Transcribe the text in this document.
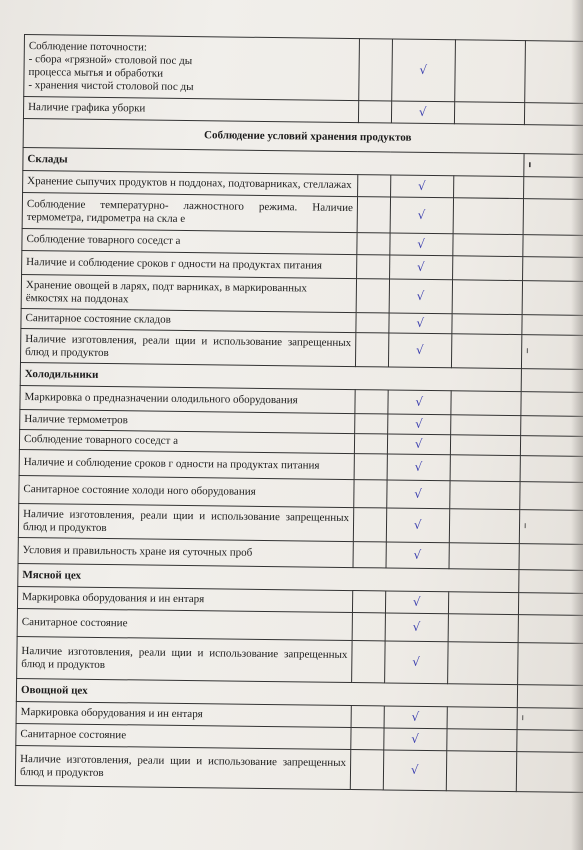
Соблюдение поточности:
- сбора «грязной» столовой пос ды
процесса мытья и обработки
- хранения чистой столовой пос ды		√		
Наличие графика уборки		√		
Соблюдение условий хранения продуктов				
Склады				ı
Хранение сыпучих продуктов н поддонах, подтоварниках, стеллажах		√		
Соблюдение температурно- лажностного режима. Наличие термометра, гидрометра на скла е		√		
Соблюдение товарного соседст а		√		
Наличие и соблюдение сроков г одности на продуктах питания		√		
Хранение овощей в ларях, подт варниках, в маркированных ёмкостях на поддонах		√		
Санитарное состояние складов		√		
Наличие изготовления, реали щии и использование запрещенных блюд и продуктов		√		ı
Холодильники				
Маркировка о предназначении олодильного оборудования		√		
Наличие термометров		√		
Соблюдение товарного соседст а		√		
Наличие и соблюдение сроков г одности на продуктах питания		√		
Санитарное состояние холоди ного оборудования		√		
Наличие изготовления, реали щии и использование запрещенных блюд и продуктов		√		ı
Условия и правильность хране ия суточных проб		√		
Мясной цех				
Маркировка оборудования и ин ентаря		√		
Санитарное состояние		√		
Наличие изготовления, реали щии и использование запрещенных блюд и продуктов		√		
Овощной цех				
Маркировка оборудования и ин ентаря		√		ı
Санитарное состояние		√		
Наличие изготовления, реали щии и использование запрещенных блюд и продуктов		√		
